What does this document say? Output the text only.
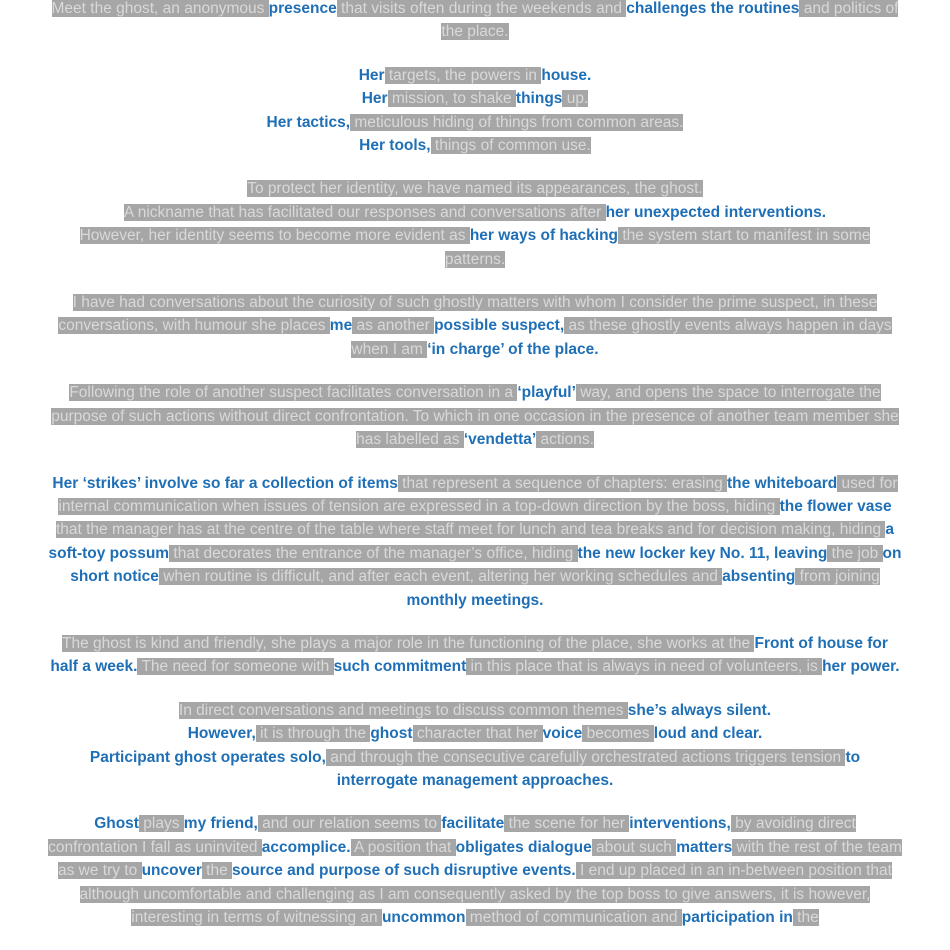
Meet the ghost, an anonymous presence that visits often during the weekends and challenges the routines and politics of the place.

Her targets, the powers in house.
Her mission, to shake things up.
Her tactics, meticulous hiding of things from common areas.
Her tools, things of common use.

To protect her identity, we have named its appearances, the ghost.
A nickname that has facilitated our responses and conversations after her unexpected interventions.
However, her identity seems to become more evident as her ways of hacking the system start to manifest in some patterns.

I have had conversations about the curiosity of such ghostly matters with whom I consider the prime suspect, in these conversations, with humour she places me as another possible suspect, as these ghostly events always happen in days when I am ‘in charge’ of the place.

Following the role of another suspect facilitates conversation in a ‘playful’ way, and opens the space to interrogate the purpose of such actions without direct confrontation. To which in one occasion in the presence of another team member she has labelled as ‘vendetta’ actions.

Her ‘strikes’ involve so far a collection of items that represent a sequence of chapters: erasing the whiteboard used for internal communication when issues of tension are expressed in a top-down direction by the boss, hiding the flower vase that the manager has at the centre of the table where staff meet for lunch and tea breaks and for decision making, hiding a soft-toy possum that decorates the entrance of the manager’s office, hiding the new locker key No. 11, leaving the job on short notice when routine is difficult, and after each event, altering her working schedules and absenting from joining monthly meetings.

The ghost is kind and friendly, she plays a major role in the functioning of the place, she works at the Front of house for half a week. The need for someone with such commitment in this place that is always in need of volunteers, is her power.

In direct conversations and meetings to discuss common themes she’s always silent.
However, it is through the ghost character that her voice becomes loud and clear.
Participant ghost operates solo, and through the consecutive carefully orchestrated actions triggers tension to interrogate management approaches.

Ghost plays my friend, and our relation seems to facilitate the scene for her interventions, by avoiding direct confrontation I fall as uninvited accomplice. A position that obligates dialogue about such matters with the rest of the team as we try to uncover the source and purpose of such disruptive events. I end up placed in an in-between position that although uncomfortable and challenging as I am consequently asked by the top boss to give answers, it is however, interesting in terms of witnessing an uncommon method of communication and participation in the
